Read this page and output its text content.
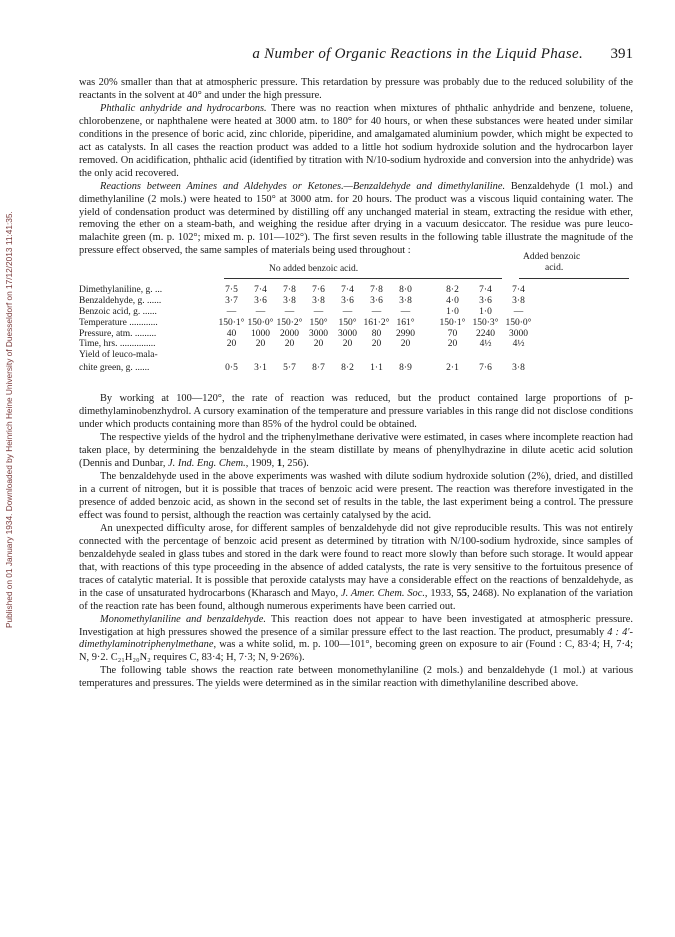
Published on 01 January 1934. Downloaded by Heinrich Heine University of Duesseldorf on 17/12/2013 11:41:35.
a Number of Organic Reactions in the Liquid Phase. 391

was 20% smaller than that at atmospheric pressure. This retardation by pressure was probably due to the reduced solubility of the reactants in the solvent at 40° and under the high pressure.

Phthalic anhydride and hydrocarbons. There was no reaction when mixtures of phthalic anhydride and benzene, toluene, chlorobenzene, or naphthalene were heated at 3000 atm. to 180° for 40 hours, or when these substances were heated under similar conditions in the presence of boric acid, zinc chloride, piperidine, and amalgamated aluminium powder, which might be expected to act as catalysts. In all cases the reaction product was added to a little hot sodium hydroxide solution and the hydrocarbon layer removed. On acidification, phthalic acid (identified by titration with N/10-sodium hydroxide and conversion into the anhydride) was the only acid recovered.

Reactions between Amines and Aldehydes or Ketones.—Benzaldehyde and dimethylaniline. Benzaldehyde (1 mol.) and dimethylaniline (2 mols.) were heated to 150° at 3000 atm. for 20 hours. The product was a viscous liquid containing water. The yield of condensation product was determined by distilling off any unchanged material in steam, extracting the residue with ether, removing the ether on a steam-bath, and weighing the residue after drying in a vacuum desiccator. The residue was pure leuco-malachite green (m. p. 102°; mixed m. p. 101—102°). The first seven results in the following table illustrate the magnitude of the pressure effect observed, the same samples of materials being used throughout :

No added benzoic acid.
Added benzoic
acid.
Dimethylaniline, g. ...	7·5	7·4	7·8	7·6	7·4	7·8	8·0		8·2	7·4	7·4
Benzaldehyde, g. ......	3·7	3·6	3·8	3·8	3·6	3·6	3·8		4·0	3·6	3·8
Benzoic acid, g. ......	—	—	—	—	—	—	—		1·0	1·0	—
Temperature ............	150·1°	150·0°	150·2°	150°	150°	161·2°	161°		150·1°	150·3°	150·0°
Pressure, atm. .........	40	1000	2000	3000	3000	80	2990		70	2240	3000
Time, hrs. ...............	20	20	20	20	20	20	20		20	4½	4½
Yield of leuco-mala-											
chite green, g. ......	0·5	3·1	5·7	8·7	8·2	1·1	8·9		2·1	7·6	3·8

By working at 100—120°, the rate of reaction was reduced, but the product contained large proportions of p-dimethylaminobenzhydrol. A cursory examination of the temperature and pressure variables in this range did not disclose conditions under which products containing more than 85% of the hydrol could be obtained.

The respective yields of the hydrol and the triphenylmethane derivative were estimated, in cases where incomplete reaction had taken place, by determining the benzaldehyde in the steam distillate by means of phenylhydrazine in dilute acetic acid solution (Dennis and Dunbar, J. Ind. Eng. Chem., 1909, 1, 256).

The benzaldehyde used in the above experiments was washed with dilute sodium hydroxide solution (2%), dried, and distilled in a current of nitrogen, but it is possible that traces of benzoic acid were present. The reaction was therefore investigated in the presence of added benzoic acid, as shown in the second set of results in the table, the last experiment being a control. The pressure effect was found to persist, although the reaction was certainly catalysed by the acid.

An unexpected difficulty arose, for different samples of benzaldehyde did not give reproducible results. This was not entirely connected with the percentage of benzoic acid present as determined by titration with N/100-sodium hydroxide, since samples of benzaldehyde sealed in glass tubes and stored in the dark were found to react more slowly than before such storage. It would appear that, with reactions of this type proceeding in the absence of added catalysts, the rate is very sensitive to the fortuitous presence of traces of catalytic material. It is possible that peroxide catalysts may have a considerable effect on the reactions of benzaldehyde, as in the case of unsaturated hydrocarbons (Kharasch and Mayo, J. Amer. Chem. Soc., 1933, 55, 2468). No explanation of the variation of the reaction rate has been found, although numerous experiments have been carried out.

Monomethylaniline and benzaldehyde. This reaction does not appear to have been investigated at atmospheric pressure. Investigation at high pressures showed the presence of a similar pressure effect to the last reaction. The product, presumably 4 : 4′-dimethylaminotriphenylmethane, was a white solid, m. p. 100—101°, becoming green on exposure to air (Found : C, 83·4; H, 7·4; N, 9·2. C₂₁H₂₀N₂ requires C, 83·4; H, 7·3; N, 9·26%).

The following table shows the reaction rate between monomethylaniline (2 mols.) and benzaldehyde (1 mol.) at various temperatures and pressures. The yields were determined as in the similar reaction with dimethylaniline described above.
